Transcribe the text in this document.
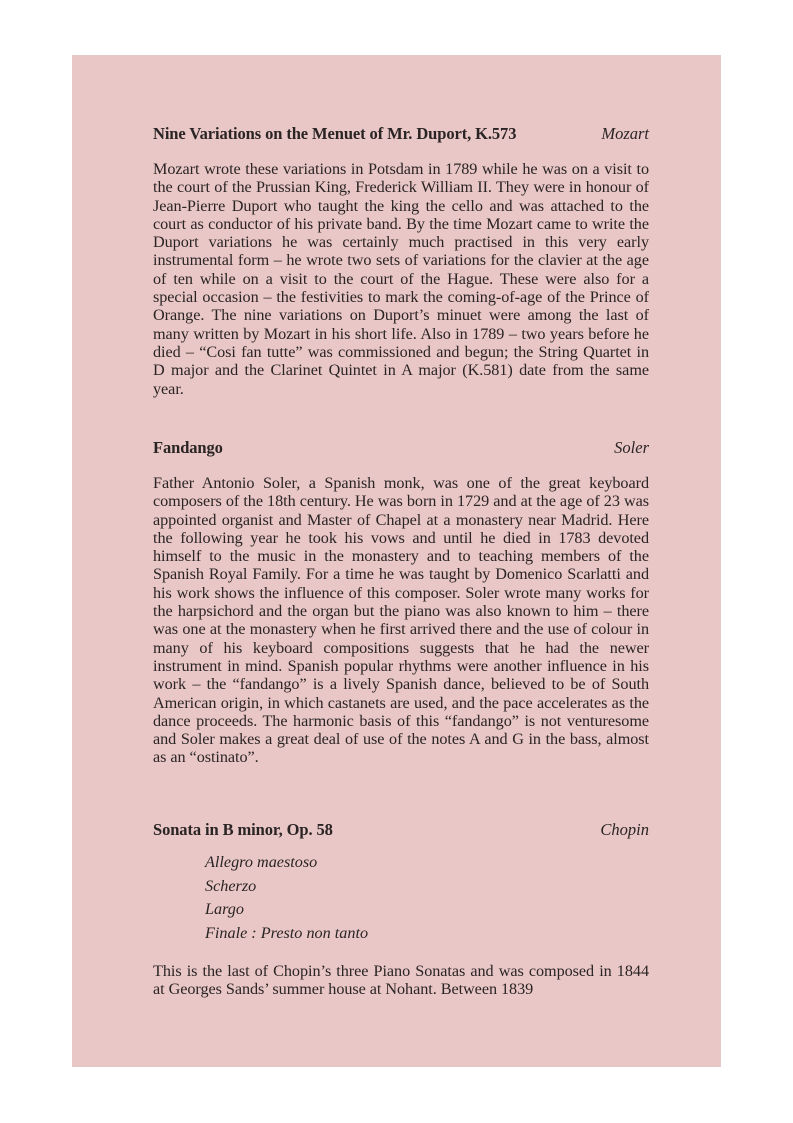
Nine Variations on the Menuet of Mr. Duport, K.573	Mozart

Mozart wrote these variations in Potsdam in 1789 while he was on a visit to the court of the Prussian King, Frederick William II. They were in honour of Jean-Pierre Duport who taught the king the cello and was attached to the court as conductor of his private band. By the time Mozart came to write the Duport variations he was certainly much practised in this very early instrumental form – he wrote two sets of variations for the clavier at the age of ten while on a visit to the court of the Hague. These were also for a special occasion – the festivities to mark the coming-of-age of the Prince of Orange. The nine variations on Duport’s minuet were among the last of many written by Mozart in his short life. Also in 1789 – two years before he died – “Cosi fan tutte” was commissioned and begun; the String Quartet in D major and the Clarinet Quintet in A major (K.581) date from the same year.

Fandango	Soler

Father Antonio Soler, a Spanish monk, was one of the great keyboard composers of the 18th century. He was born in 1729 and at the age of 23 was appointed organist and Master of Chapel at a monastery near Madrid. Here the following year he took his vows and until he died in 1783 devoted himself to the music in the monastery and to teaching members of the Spanish Royal Family. For a time he was taught by Domenico Scarlatti and his work shows the influence of this composer. Soler wrote many works for the harpsichord and the organ but the piano was also known to him – there was one at the monastery when he first arrived there and the use of colour in many of his keyboard compositions suggests that he had the newer instrument in mind. Spanish popular rhythms were another influence in his work – the “fandango” is a lively Spanish dance, believed to be of South American origin, in which castanets are used, and the pace accelerates as the dance proceeds. The harmonic basis of this “fandango” is not venturesome and Soler makes a great deal of use of the notes A and G in the bass, almost as an “ostinato”.

Sonata in B minor, Op. 58	Chopin
Allegro maestoso
Scherzo
Largo
Finale : Presto non tanto

This is the last of Chopin’s three Piano Sonatas and was composed in 1844 at Georges Sands’ summer house at Nohant. Between 1839
